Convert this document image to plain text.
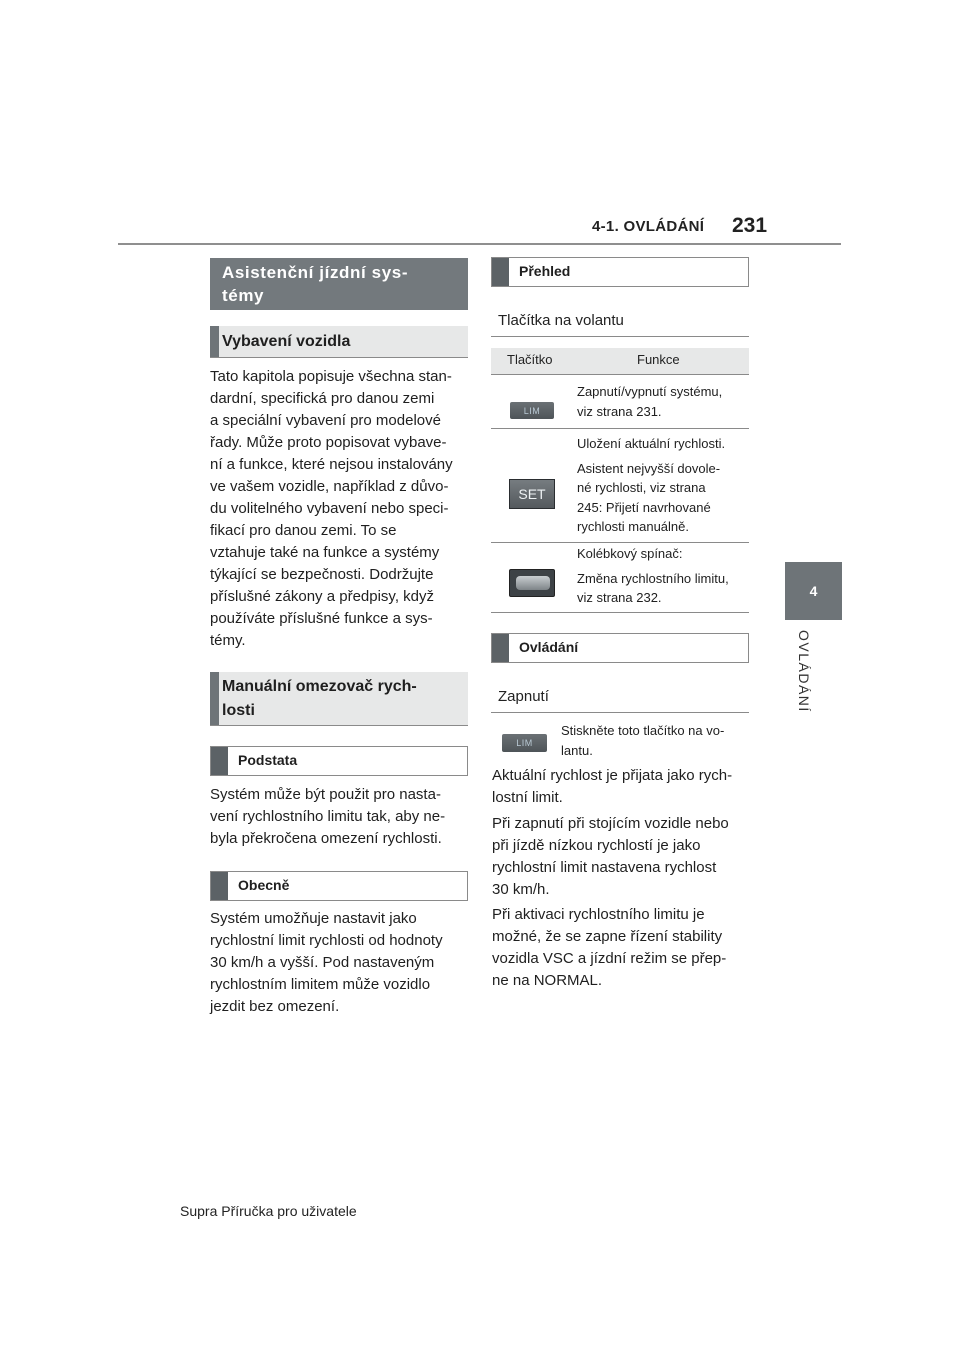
4-1. OVLÁDÁNÍ 231
4
OVLÁDÁNÍ
Asistenční jízdní sys-
témy
Vybavení vozidla
Tato kapitola popisuje všechna stan-
dardní, specifická pro danou zemi
a speciální vybavení pro modelové
řady. Může proto popisovat vybave-
ní a funkce, které nejsou instalovány
ve vašem vozidle, například z důvo-
du volitelného vybavení nebo speci-
fikací pro danou zemi. To se
vztahuje také na funkce a systémy
týkající se bezpečnosti. Dodržujte
příslušné zákony a předpisy, když
používáte příslušné funkce a sys-
témy.
Manuální omezovač rych-
losti
Podstata
Systém může být použit pro nasta-
vení rychlostního limitu tak, aby ne-
byla překročena omezení rychlosti.
Obecně
Systém umožňuje nastavit jako
rychlostní limit rychlosti od hodnoty
30 km/h a vyšší. Pod nastaveným
rychlostním limitem může vozidlo
jezdit bez omezení.
Přehled
Tlačítka na volantu
Tlačítko	Funkce
LIM
Zapnutí/vypnutí systému,
viz strana 231.
SET
Uložení aktuální rychlosti.
Asistent nejvyšší dovole-
né rychlosti, viz strana
245: Přijetí navrhované
rychlosti manuálně.
Kolébkový spínač:
Změna rychlostního limitu,
viz strana 232.
Ovládání
Zapnutí
LIM
Stiskněte toto tlačítko na vo-
lantu.
Aktuální rychlost je přijata jako rych-
lostní limit.
Při zapnutí při stojícím vozidle nebo
při jízdě nízkou rychlostí je jako
rychlostní limit nastavena rychlost
30 km/h.
Při aktivaci rychlostního limitu je
možné, že se zapne řízení stability
vozidla VSC a jízdní režim se přep-
ne na NORMAL.
Supra Příručka pro uživatele
